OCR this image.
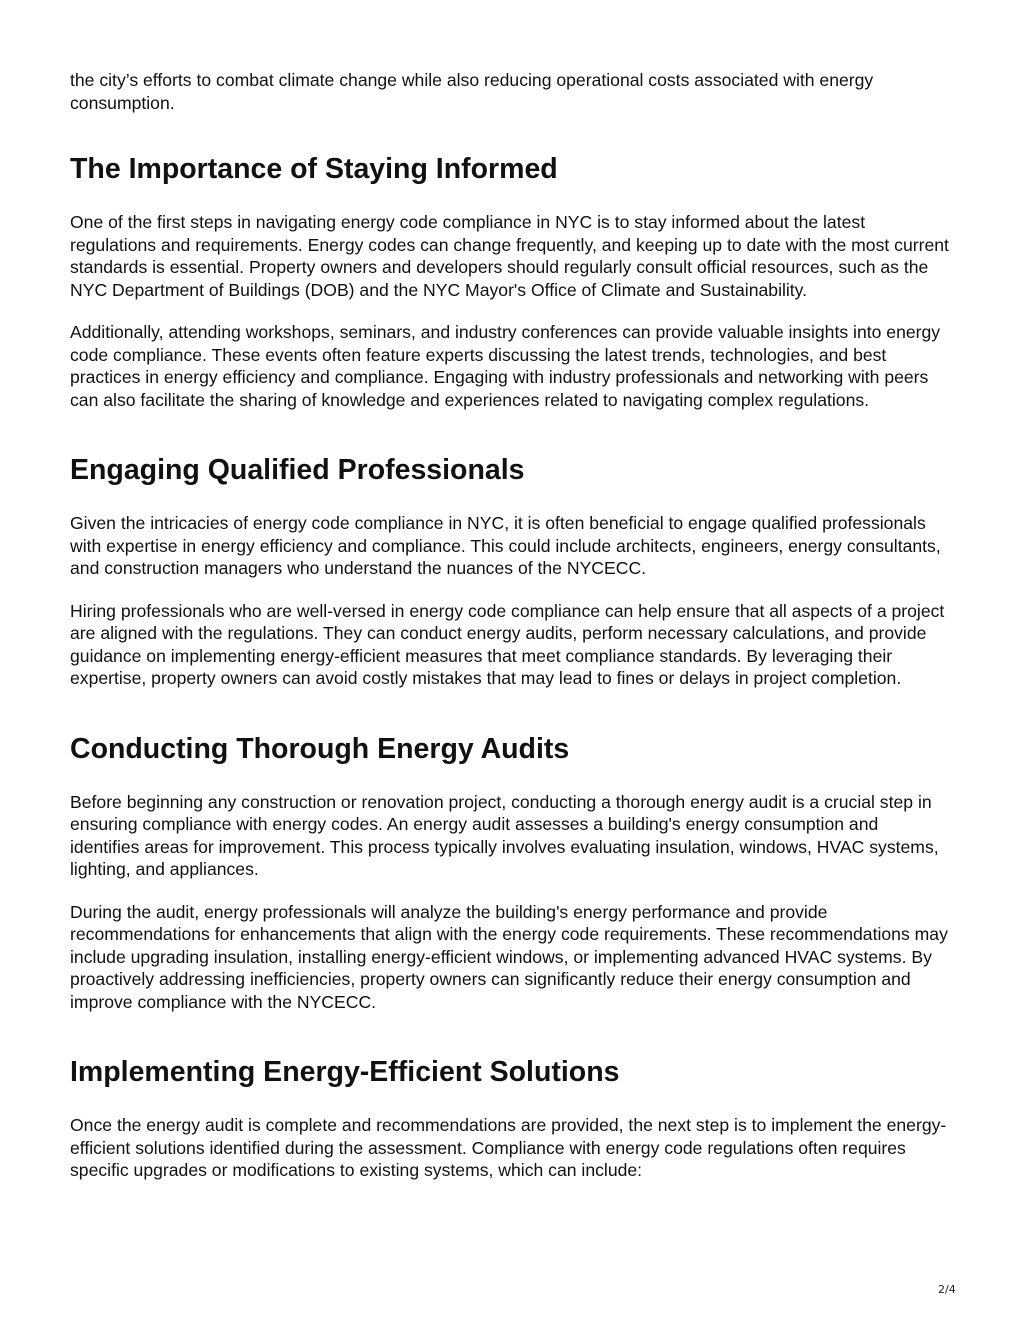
the city’s efforts to combat climate change while also reducing operational costs associated with energy consumption.

The Importance of Staying Informed

One of the first steps in navigating energy code compliance in NYC is to stay informed about the latest regulations and requirements. Energy codes can change frequently, and keeping up to date with the most current standards is essential. Property owners and developers should regularly consult official resources, such as the NYC Department of Buildings (DOB) and the NYC Mayor's Office of Climate and Sustainability.

Additionally, attending workshops, seminars, and industry conferences can provide valuable insights into energy code compliance. These events often feature experts discussing the latest trends, technologies, and best practices in energy efficiency and compliance. Engaging with industry professionals and networking with peers can also facilitate the sharing of knowledge and experiences related to navigating complex regulations.

Engaging Qualified Professionals

Given the intricacies of energy code compliance in NYC, it is often beneficial to engage qualified professionals with expertise in energy efficiency and compliance. This could include architects, engineers, energy consultants, and construction managers who understand the nuances of the NYCECC.

Hiring professionals who are well-versed in energy code compliance can help ensure that all aspects of a project are aligned with the regulations. They can conduct energy audits, perform necessary calculations, and provide guidance on implementing energy-efficient measures that meet compliance standards. By leveraging their expertise, property owners can avoid costly mistakes that may lead to fines or delays in project completion.

Conducting Thorough Energy Audits

Before beginning any construction or renovation project, conducting a thorough energy audit is a crucial step in ensuring compliance with energy codes. An energy audit assesses a building's energy consumption and identifies areas for improvement. This process typically involves evaluating insulation, windows, HVAC systems, lighting, and appliances.

During the audit, energy professionals will analyze the building's energy performance and provide recommendations for enhancements that align with the energy code requirements. These recommendations may include upgrading insulation, installing energy-efficient windows, or implementing advanced HVAC systems. By proactively addressing inefficiencies, property owners can significantly reduce their energy consumption and improve compliance with the NYCECC.

Implementing Energy-Efficient Solutions

Once the energy audit is complete and recommendations are provided, the next step is to implement the energy-efficient solutions identified during the assessment. Compliance with energy code regulations often requires specific upgrades or modifications to existing systems, which can include:

2/4
